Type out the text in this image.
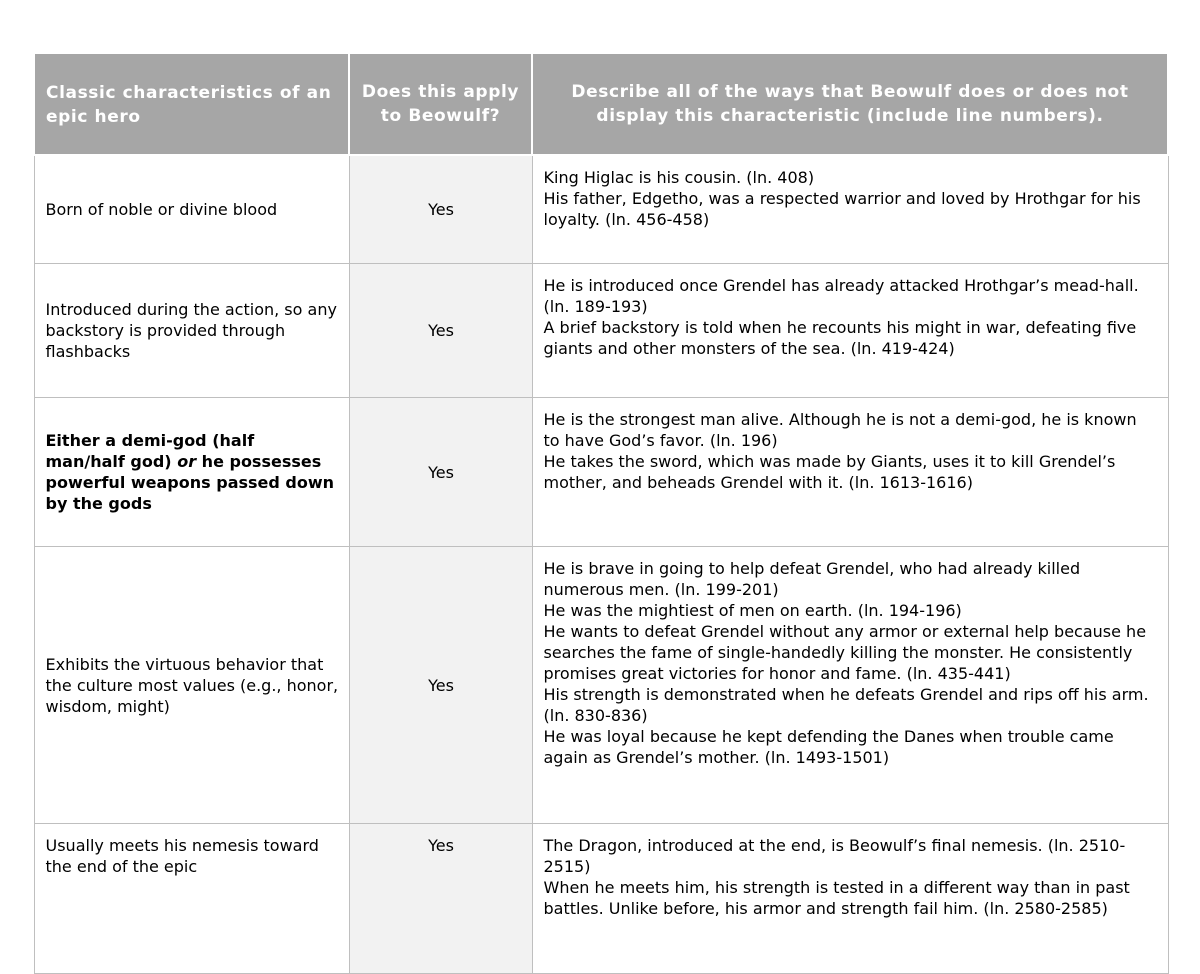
Classic characteristics of an epic hero	Does this apply to Beowulf?	Describe all of the ways that Beowulf does or does not display this characteristic (include line numbers).
Born of noble or divine blood	Yes	King Higlac is his cousin. (ln. 408)
His father, Edgetho, was a respected warrior and loved by Hrothgar for his loyalty. (ln. 456-458)

Introduced during the action, so any backstory is provided through flashbacks	Yes	He is introduced once Grendel has already attacked Hrothgar’s mead-hall. (ln. 189-193)
A brief backstory is told when he recounts his might in war, defeating five giants and other monsters of the sea. (ln. 419-424)

Either a demi-god (half man/half god) or he possesses powerful weapons passed down by the gods	Yes	He is the strongest man alive. Although he is not a demi-god, he is known to have God’s favor. (ln. 196)
He takes the sword, which was made by Giants, uses it to kill Grendel’s mother, and beheads Grendel with it. (ln. 1613-1616)

Exhibits the virtuous behavior that the culture most values (e.g., honor, wisdom, might)	Yes	He is brave in going to help defeat Grendel, who had already killed numerous men. (ln. 199-201)
He was the mightiest of men on earth. (ln. 194-196)
He wants to defeat Grendel without any armor or external help because he searches the fame of single-handedly killing the monster. He consistently promises great victories for honor and fame. (ln. 435-441)
His strength is demonstrated when he defeats Grendel and rips off his arm. (ln. 830-836)
He was loyal because he kept defending the Danes when trouble came again as Grendel’s mother. (ln. 1493-1501)

Usually meets his nemesis toward the end of the epic	Yes	The Dragon, introduced at the end, is Beowulf’s final nemesis. (ln. 2510-2515)
When he meets him, his strength is tested in a different way than in past battles. Unlike before, his armor and strength fail him. (ln. 2580-2585)
